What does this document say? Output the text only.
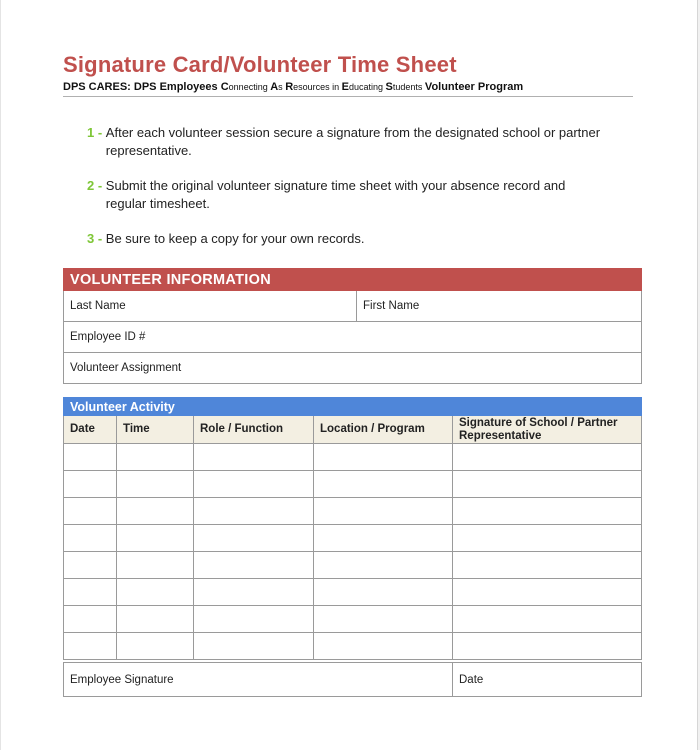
Signature Card/Volunteer Time Sheet
DPS CARES: DPS Employees Connecting As Resources in Educating Students Volunteer Program
1 - After each volunteer session secure a signature from the designated school or partner representative.
2 - Submit the original volunteer signature time sheet with your absence record and regular timesheet.
3 - Be sure to keep a copy for your own records.
VOLUNTEER INFORMATION
Last Name	First Name
Employee ID #
Volunteer Assignment
Volunteer Activity				
Date	Time	Role / Function	Location / Program	Signature of School / Partner Representative

Employee Signature	Date
